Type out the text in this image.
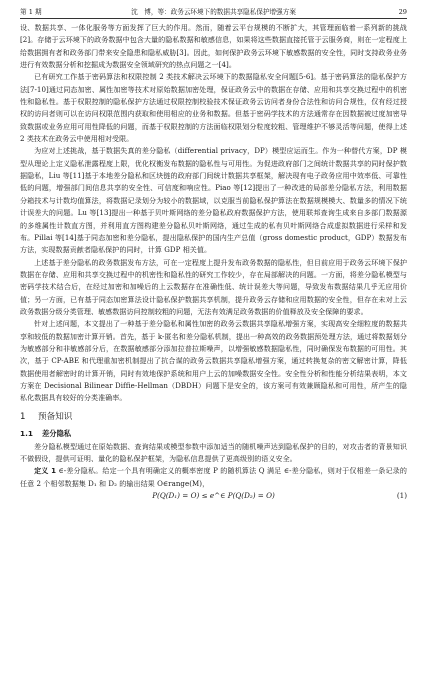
第 1 期	沈　博，等：政务云环境下的数据共享隐私保护增强方案	29

设、数据共享、一体化服务等方面发挥了巨大的作用。然而，随着云平台规模的不断扩大，其管理面临着一系列新的挑战[2]。存储于云环境下的政务数据中包含大量的隐私数据和敏感信息，如果将这些数据直接托管于云服务商，则在一定程度上给数据拥有者和政务部门带来安全隐患和隐私威胁[3]。因此，如何保护政务云环境下敏感数据的安全性，同时支持政务业务进行有效数据分析和挖掘成为数据安全领域研究的热点问题之一[4]。

已有研究工作基于密码算法和权限控制 2 类技术解决云环境下的数据隐私安全问题[5-6]。基于密码算法的隐私保护方法[7-10]通过同态加密、属性加密等技术对原始数据加密处理，保证政务云中的数据在存储、应用和共享交换过程中的机密性和隐私性。基于权限控制的隐私保护方法通过权限控制校验技术保证政务云访问者身份合法性和访问合规性，仅有经过授权的访问者则可以在访问权限范围内获取和使用相应的业务和数据。但基于密码学技术的方法通常存在因数据被过度加密导致数据或业务应用可用性降低的问题，而基于权限控制的方法面临权限划分粒度较粗、管理维护不够灵活等问题，使得上述 2 类技术在政务云中使用相对受限。

为应对上述挑战，基于数据失真的差分隐私（differential privacy，DP）模型应运而生。作为一种替代方案，DP 模型从理论上定义隐私泄露程度上限，优化权衡发布数据的隐私性与可用性。为促进政府部门之间统计数据共享的同时保护数据隐私，Liu 等[11]基于本地差分隐私和区块链的政府部门间统计数据共享框架，解决现有电子政务应用中效率低、可靠性低的问题，增强部门间信息共享的安全性、可信度和响应性。Piao 等[12]提出了一种改进的局部差分隐私方法，利用数据分箱技术与计数均值算法，将数据记录划分为较小的数据域，以克服当前隐私保护算法在数据规模模大、数量多的情况下统计误差大的问题。Lu 等[13]提出一种基于贝叶斯网络的差分隐私政府数据保护方法，使用联邦查询生成来自多部门数据源的多维属性计数直方图，并利用直方图构建差分隐私贝叶斯网络，通过生成的私有贝叶斯网络合成虚拟数据进行采样和发布。Pillai 等[14]基于同态加密和差分隐私，提出隐私保护的国内生产总值（gross domestic product，GDP）数据发布方法，实现数据贡献者隐私保护的同时，计算 GDP 相关值。

上述基于差分隐私的政务数据发布方法，可在一定程度上提升发布政务数据的隐私性，但目前应用于政务云环境下保护数据在存储、应用和共享交换过程中的机密性和隐私性的研究工作较少，存在局部解决的问题。一方面，将差分隐私模型与密码学技术结合后，在经过加密和加噪后的上云数据存在准确性低、统计误差大等问题，导致发布数据结果几乎无应用价值；另一方面，已有基于同态加密算法设计隐私保护数据共享机制，提升政务云存储和应用数据的安全性，但存在未对上云政务数据分级分类管理、敏感数据访问控制较粗的问题，无法有效满足政务数据的价值释放及安全保障的要求。

针对上述问题，本文提出了一种基于差分隐私和属性加密的政务云数据共享隐私增强方案，实现高安全细粒度的数据共享和较低的数据加密计算开销。首先，基于 k-匿名和差分隐私机制，提出一种高效的政务数据预处理方法，通过将数据划分为敏感部分和非敏感部分后，在数据敏感部分添加拉普拉斯噪声，以增强敏感数据隐私性，同时确保发布数据的可用性。其次，基于 CP-ABE 和代理重加密机制提出了抗合谋的政务云数据共享隐私增强方案，通过转换复杂的密文解密计算，降低数据使用者解密时的计算开销，同时有效地保护系统和用户上云的加噪数据安全性。安全性分析和性能分析结果表明，本文方案在 Decisional Bilinear Diffie-Hellman（DBDH）问题下是安全的，该方案可有效兼顾隐私和可用性，所产生的隐私化数据具有较好的分类准确率。

1 预备知识
1.1 差分隐私

差分隐私模型通过在原始数据、查询结果或模型参数中添加适当的随机噪声达到隐私保护的目的，对攻击者的背景知识不做假设，提供可证明、量化的隐私保护框架，为隐私信息提供了更高级别的语义安全。

定义 1 ∈-差分隐私。给定一个具有明确定义的概率密度 P 的随机算法 Q 满足 ∈-差分隐私，则对于仅相差一条记录的任意 2 个相邻数据集 D₁ 和 D₂ 的输出结果 O∈range(M)，

P(Q(D₁) = O) ≤ e^∈ P(Q(D₂) = O)	(1)
